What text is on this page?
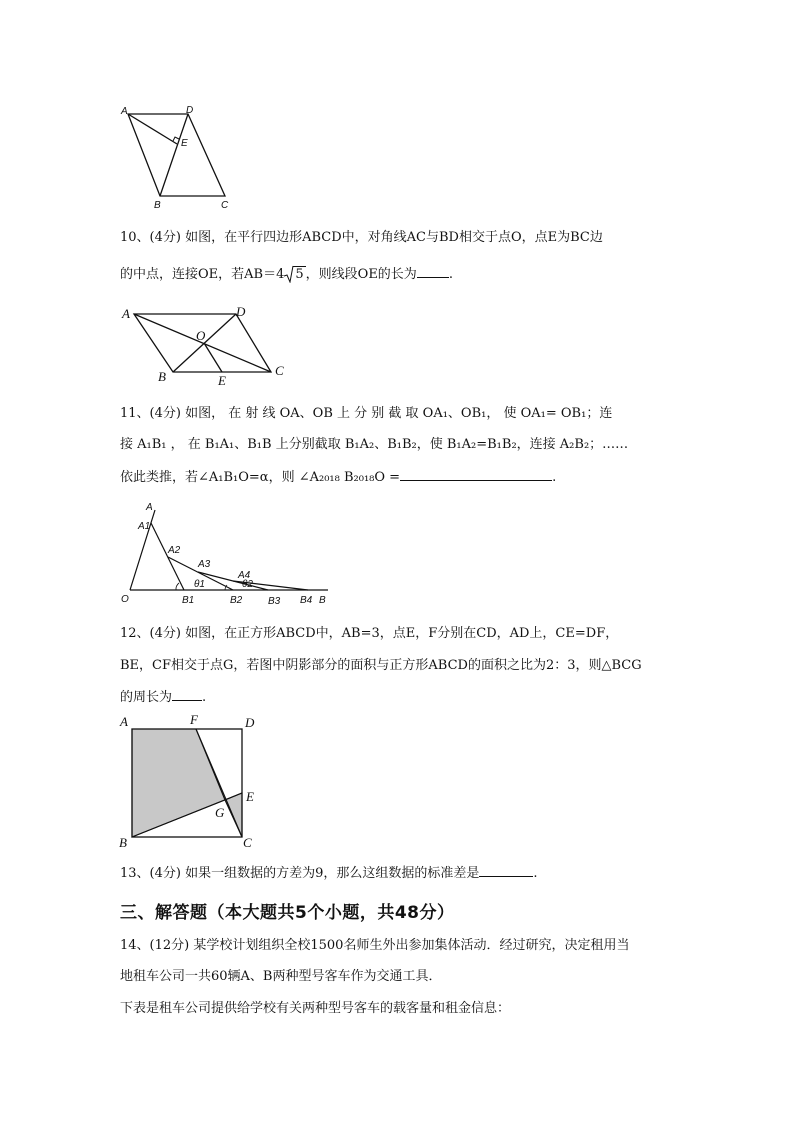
A	D
E
B	C
10、(4分) 如图，在平行四边形ABCD中，对角线AC与BD相交于点O，点E为BC边
的中点，连接OE，若AB＝4 5 ，则线段OE的长为 .
A	D
O
B	E
C
11、(4分) 如图， 在 射 线 OA、OB 上 分 别 截 取 OA₁、OB₁， 使 OA₁= OB₁；连
接 A₁B₁ ， 在 B₁A₁、B₁B 上分别截取 B₁A₂、B₁B₂，使 B₁A₂=B₁B₂，连接 A₂B₂；……
依此类推，若∠A₁B₁O=α，则 ∠A₂₀₁₈ B₂₀₁₈O =	.
A
A1
A2
A3
A4
θ1	θ2
O	B1	B2	B3 B4 B
12、(4分) 如图，在正方形ABCD中，AB=3，点E，F分别在CD，AD上，CE=DF，
BE，CF相交于点G，若图中阴影部分的面积与正方形ABCD的面积之比为2：3，则△BCG
的周长为 .
A	F	D
E
G
B	C
13、(4分) 如果一组数据的方差为9，那么这组数据的标准差是	.
三、解答题（本大题共5个小题，共48分）
14、(12分) 某学校计划组织全校1500名师生外出参加集体活动．经过研究，决定租用当
地租车公司一共60辆A、B两种型号客车作为交通工具．
下表是租车公司提供给学校有关两种型号客车的载客量和租金信息：
